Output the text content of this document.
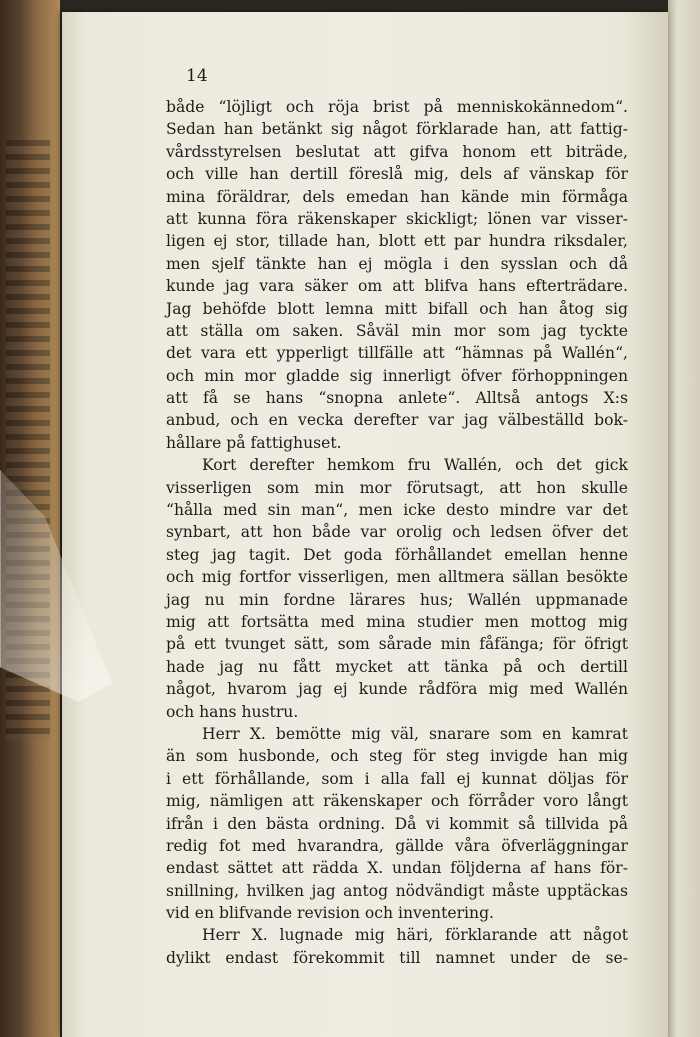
14
både “löjligt och röja brist på menniskokännedom“.
Sedan han betänkt sig något förklarade han, att fattig-
vårdsstyrelsen beslutat att gifva honom ett biträde,
och ville han dertill föreslå mig, dels af vänskap för
mina föräldrar, dels emedan han kände min förmåga
att kunna föra räkenskaper skickligt; lönen var visser-
ligen ej stor, tillade han, blott ett par hundra riksdaler,
men sjelf tänkte han ej mögla i den sysslan och då
kunde jag vara säker om att blifva hans efterträdare.
Jag behöfde blott lemna mitt bifall och han åtog sig
att ställa om saken. Såväl min mor som jag tyckte
det vara ett ypperligt tillfälle att “hämnas på Wallén“,
och min mor gladde sig innerligt öfver förhoppningen
att få se hans “snopna anlete“. Alltså antogs X:s
anbud, och en vecka derefter var jag välbeställd bok-
hållare på fattighuset.
Kort derefter hemkom fru Wallén, och det gick
visserligen som min mor förutsagt, att hon skulle
“hålla med sin man“, men icke desto mindre var det
synbart, att hon både var orolig och ledsen öfver det
steg jag tagit. Det goda förhållandet emellan henne
och mig fortfor visserligen, men alltmera sällan besökte
jag nu min fordne lärares hus; Wallén uppmanade
mig att fortsätta med mina studier men mottog mig
på ett tvunget sätt, som sårade min fåfänga; för öfrigt
hade jag nu fått mycket att tänka på och dertill
något, hvarom jag ej kunde rådföra mig med Wallén
och hans hustru.
Herr X. bemötte mig väl, snarare som en kamrat
än som husbonde, och steg för steg invigde han mig
i ett förhållande, som i alla fall ej kunnat döljas för
mig, nämligen att räkenskaper och förråder voro långt
ifrån i den bästa ordning. Då vi kommit så tillvida på
redig fot med hvarandra, gällde våra öfverläggningar
endast sättet att rädda X. undan följderna af hans för-
snillning, hvilken jag antog nödvändigt måste upptäckas
vid en blifvande revision och inventering.
Herr X. lugnade mig häri, förklarande att något
dylikt endast förekommit till namnet under de se-
